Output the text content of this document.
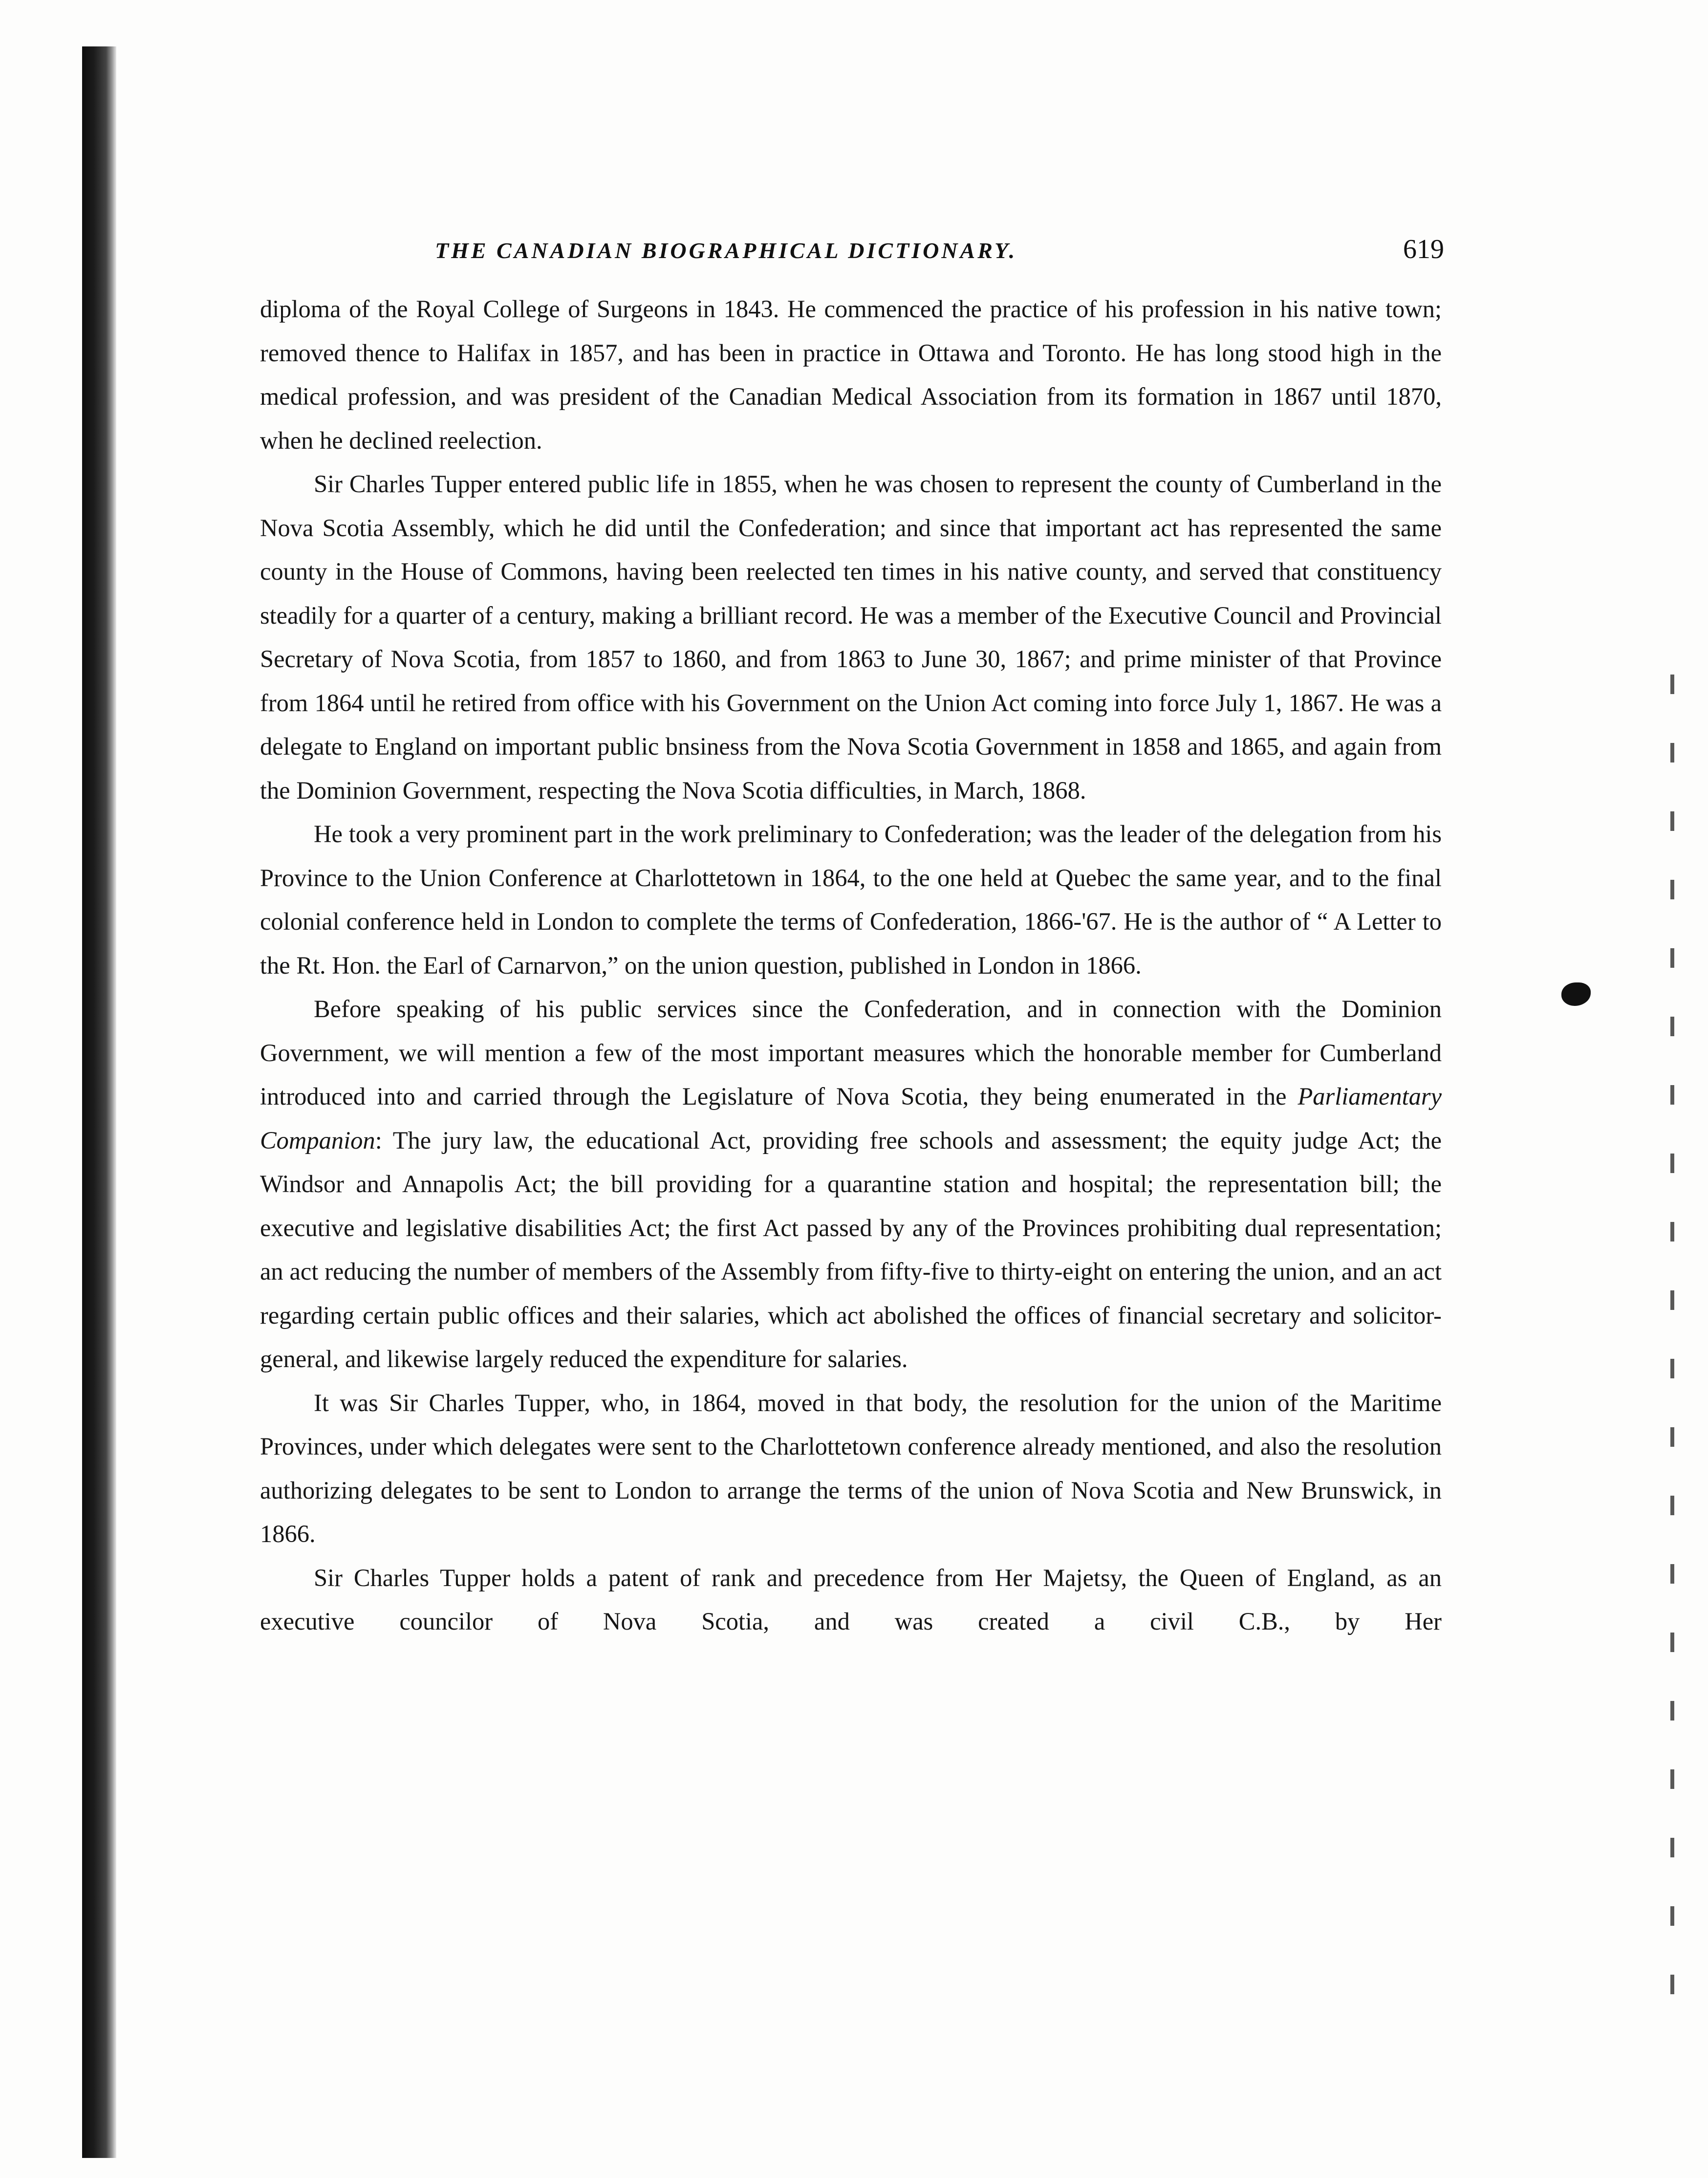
THE CANADIAN BIOGRAPHICAL DICTIONARY.	619

diploma of the Royal College of Surgeons in 1843. He commenced the practice of his profession in his native town; removed thence to Halifax in 1857, and has been in practice in Ottawa and Toronto. He has long stood high in the medical profession, and was president of the Canadian Medical Association from its formation in 1867 until 1870, when he declined reelection.

Sir Charles Tupper entered public life in 1855, when he was chosen to represent the county of Cumberland in the Nova Scotia Assembly, which he did until the Confederation; and since that important act has represented the same county in the House of Commons, having been reelected ten times in his native county, and served that constituency steadily for a quarter of a century, making a brilliant record. He was a member of the Executive Council and Provincial Secretary of Nova Scotia, from 1857 to 1860, and from 1863 to June 30, 1867; and prime minister of that Province from 1864 until he retired from office with his Government on the Union Act coming into force July 1, 1867. He was a delegate to England on important public bnsiness from the Nova Scotia Government in 1858 and 1865, and again from the Dominion Government, respecting the Nova Scotia difficulties, in March, 1868.

He took a very prominent part in the work preliminary to Confederation; was the leader of the delegation from his Province to the Union Conference at Charlottetown in 1864, to the one held at Quebec the same year, and to the final colonial conference held in London to complete the terms of Confederation, 1866-'67. He is the author of “ A Letter to the Rt. Hon. the Earl of Carnarvon,” on the union question, published in London in 1866.

Before speaking of his public services since the Confederation, and in connection with the Dominion Government, we will mention a few of the most important measures which the honorable member for Cumberland introduced into and carried through the Legislature of Nova Scotia, they being enumerated in the Parliamentary Companion: The jury law, the educational Act, providing free schools and assessment; the equity judge Act; the Windsor and Annapolis Act; the bill providing for a quarantine station and hospital; the representation bill; the executive and legislative disabilities Act; the first Act passed by any of the Provinces prohibiting dual representation; an act reducing the number of members of the Assembly from fifty-five to thirty-eight on entering the union, and an act regarding certain public offices and their salaries, which act abolished the offices of financial secretary and solicitor-general, and likewise largely reduced the expenditure for salaries.

It was Sir Charles Tupper, who, in 1864, moved in that body, the resolution for the union of the Maritime Provinces, under which delegates were sent to the Charlottetown conference already mentioned, and also the resolution authorizing delegates to be sent to London to arrange the terms of the union of Nova Scotia and New Brunswick, in 1866.

Sir Charles Tupper holds a patent of rank and precedence from Her Majetsy, the Queen of England, as an executive councilor of Nova Scotia, and was created a civil C.B., by Her
